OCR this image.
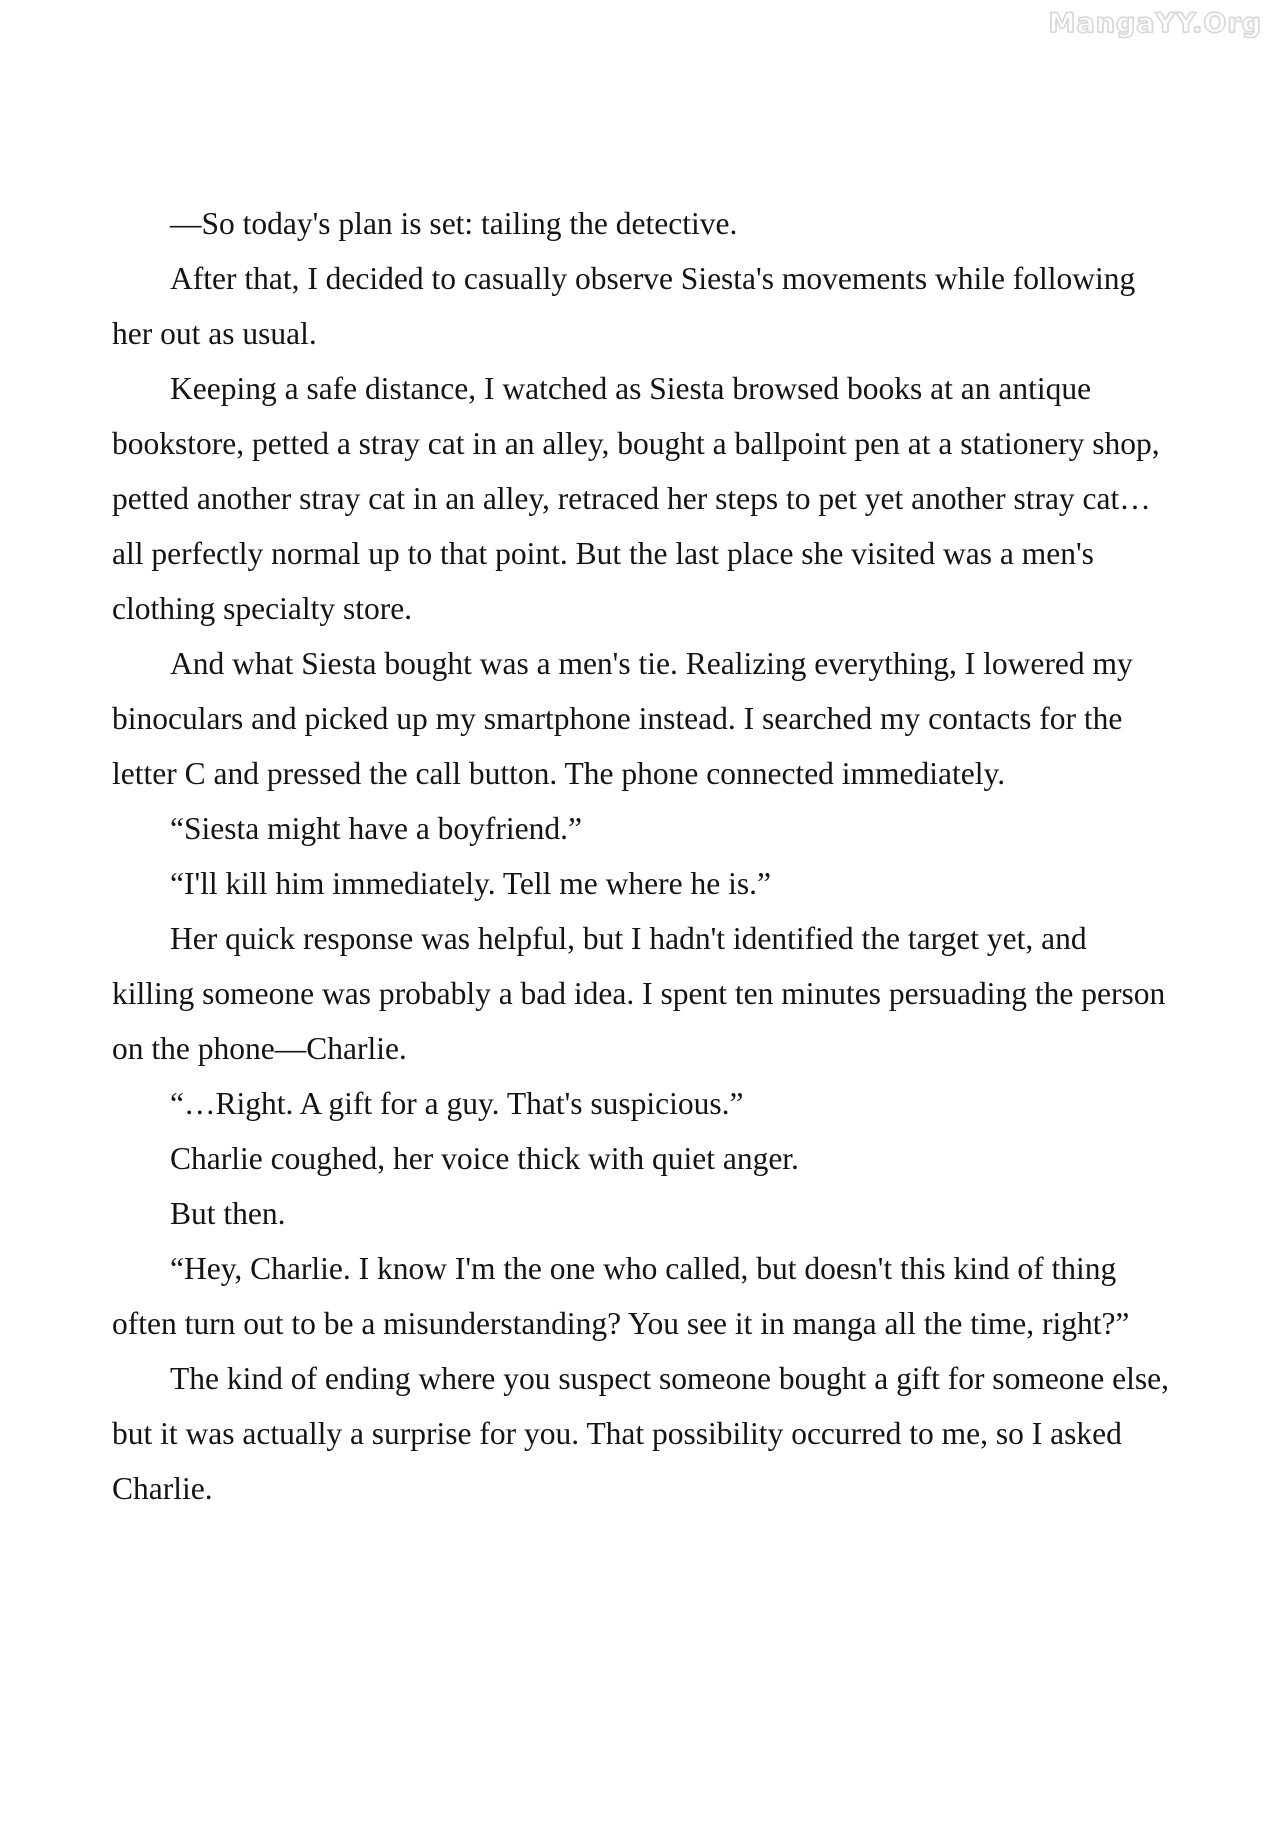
MangaYY.Org

—So today's plan is set: tailing the detective.

After that, I decided to casually observe Siesta's movements while following her out as usual.

Keeping a safe distance, I watched as Siesta browsed books at an antique bookstore, petted a stray cat in an alley, bought a ballpoint pen at a stationery shop, petted another stray cat in an alley, retraced her steps to pet yet another stray cat… all perfectly normal up to that point. But the last place she visited was a men's clothing specialty store.

And what Siesta bought was a men's tie. Realizing everything, I lowered my binoculars and picked up my smartphone instead. I searched my contacts for the letter C and pressed the call button. The phone connected immediately.

“Siesta might have a boyfriend.”

“I'll kill him immediately. Tell me where he is.”

Her quick response was helpful, but I hadn't identified the target yet, and killing someone was probably a bad idea. I spent ten minutes persuading the person on the phone—Charlie.

“…Right. A gift for a guy. That's suspicious.”

Charlie coughed, her voice thick with quiet anger.

But then.

“Hey, Charlie. I know I'm the one who called, but doesn't this kind of thing often turn out to be a misunderstanding? You see it in manga all the time, right?”

The kind of ending where you suspect someone bought a gift for someone else, but it was actually a surprise for you. That possibility occurred to me, so I asked Charlie.
